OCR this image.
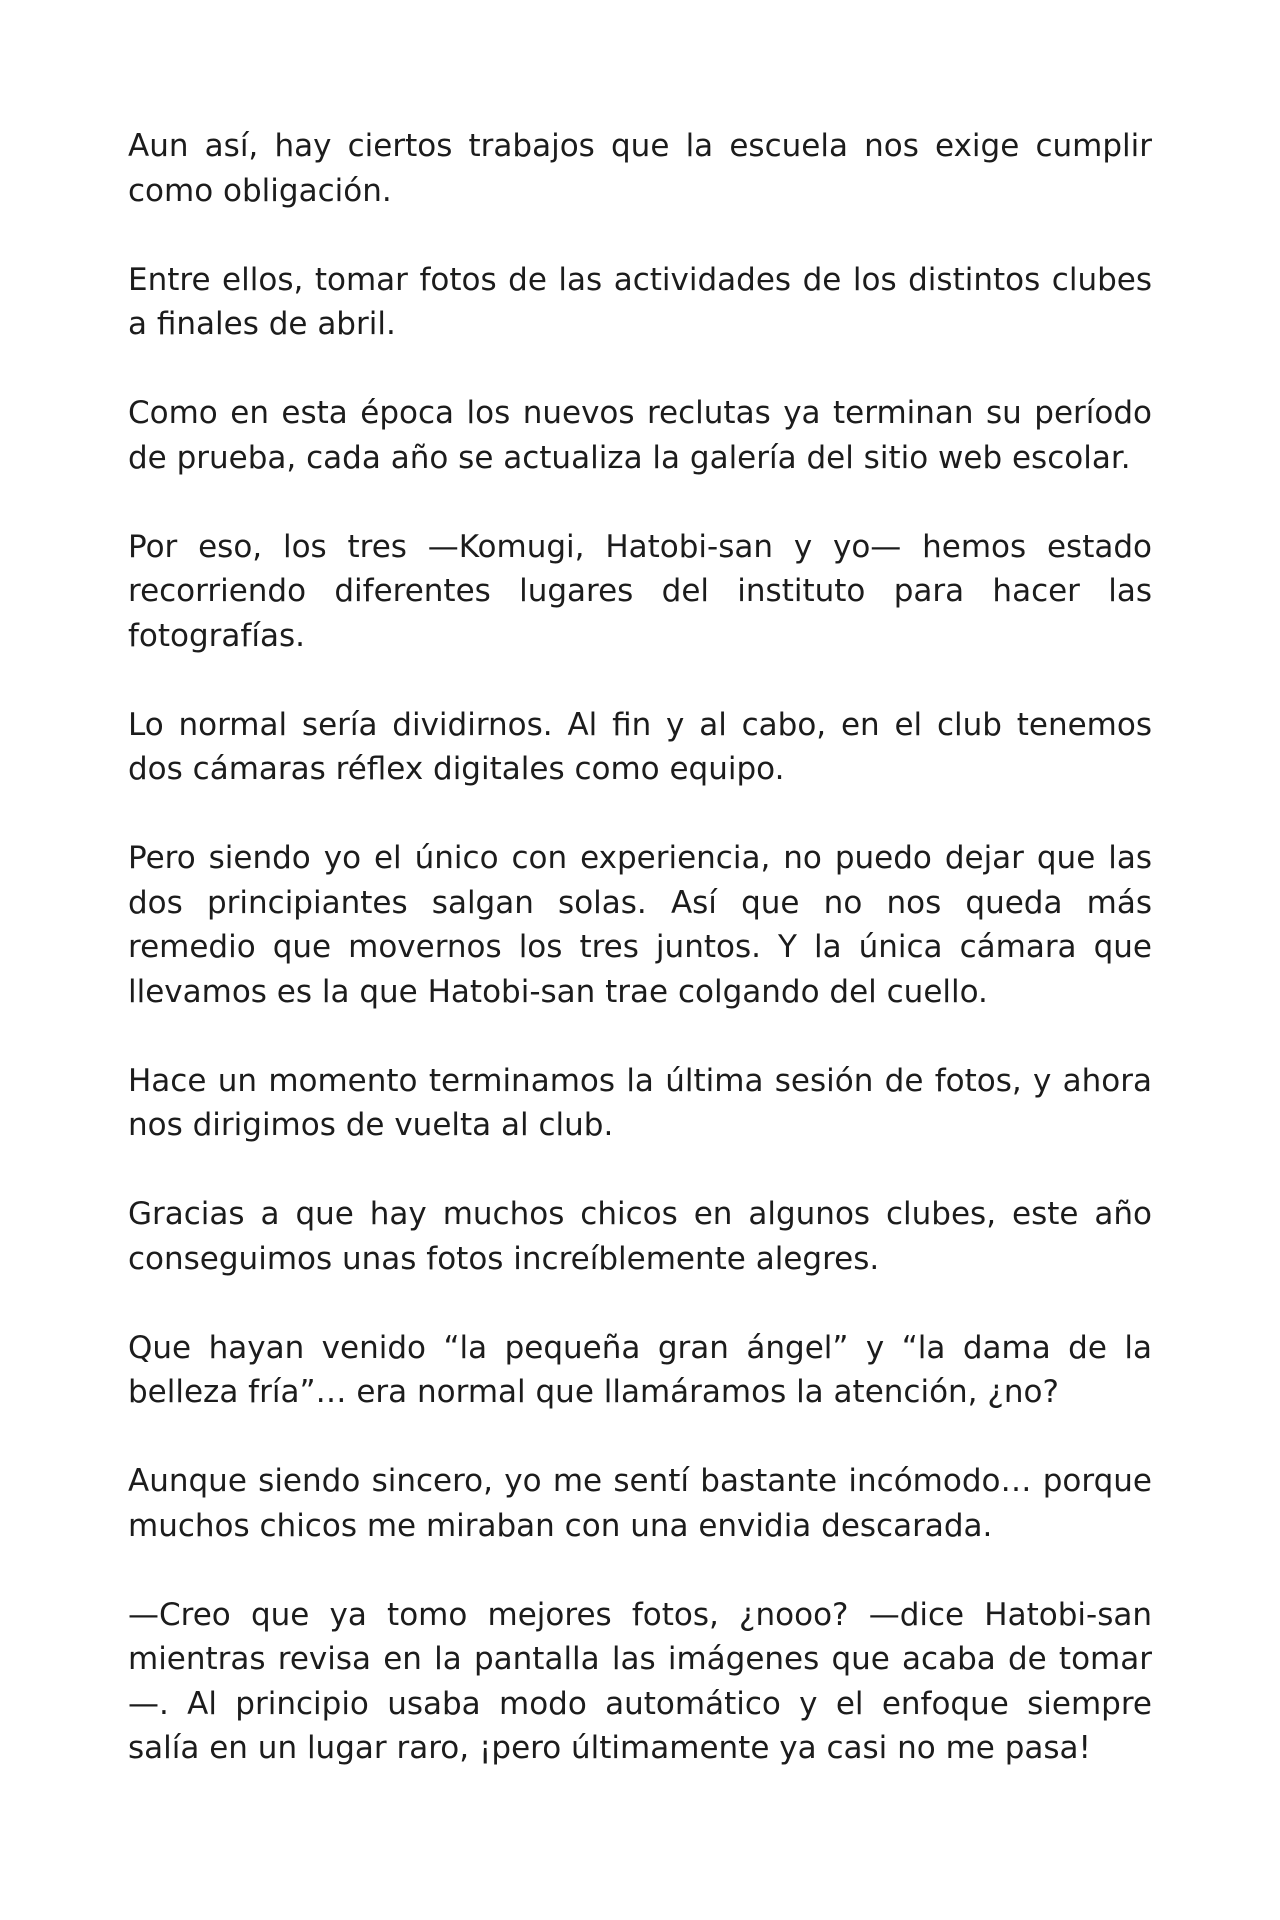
Aun así, hay ciertos trabajos que la escuela nos exige cumplir como obligación.

Entre ellos, tomar fotos de las actividades de los distintos clubes a finales de abril.

Como en esta época los nuevos reclutas ya terminan su período de prueba, cada año se actualiza la galería del sitio web escolar.

Por eso, los tres —Komugi, Hatobi-san y yo— hemos estado recorriendo diferentes lugares del instituto para hacer las fotografías.

Lo normal sería dividirnos. Al fin y al cabo, en el club tenemos dos cámaras réflex digitales como equipo.

Pero siendo yo el único con experiencia, no puedo dejar que las dos principiantes salgan solas. Así que no nos queda más remedio que movernos los tres juntos. Y la única cámara que llevamos es la que Hatobi-san trae colgando del cuello.

Hace un momento terminamos la última sesión de fotos, y ahora nos dirigimos de vuelta al club.

Gracias a que hay muchos chicos en algunos clubes, este año conseguimos unas fotos increíblemente alegres.

Que hayan venido “la pequeña gran ángel” y “la dama de la belleza fría”… era normal que llamáramos la atención, ¿no?

Aunque siendo sincero, yo me sentí bastante incómodo… porque muchos chicos me miraban con una envidia descarada.

—Creo que ya tomo mejores fotos, ¿nooo? —dice Hatobi-san mientras revisa en la pantalla las imágenes que acaba de tomar—. Al principio usaba modo automático y el enfoque siempre salía en un lugar raro, ¡pero últimamente ya casi no me pasa!
